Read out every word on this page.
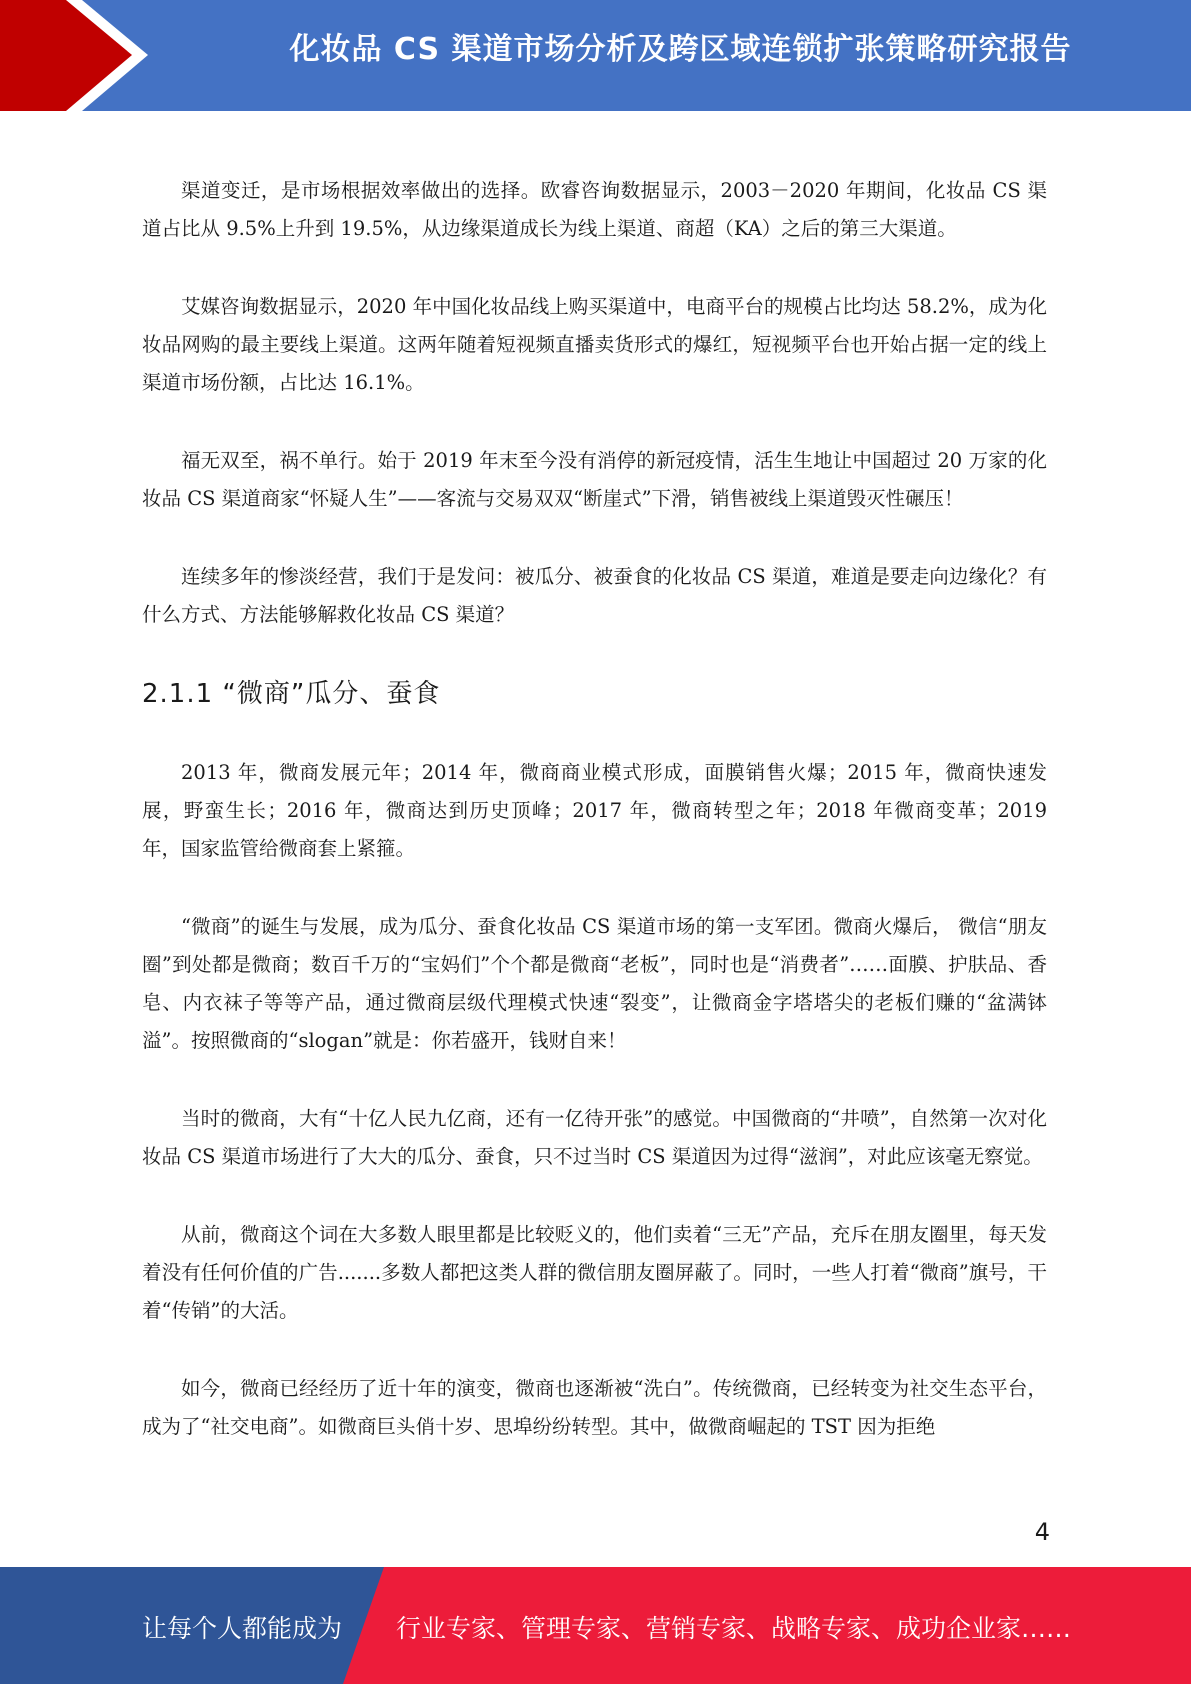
化妆品 CS 渠道市场分析及跨区域连锁扩张策略研究报告

渠道变迁，是市场根据效率做出的选择。欧睿咨询数据显示，2003－2020 年期间，化妆品 CS 渠道占比从 9.5%上升到 19.5%，从边缘渠道成长为线上渠道、商超（KA）之后的第三大渠道。

艾媒咨询数据显示，2020 年中国化妆品线上购买渠道中，电商平台的规模占比均达 58.2%，成为化妆品网购的最主要线上渠道。这两年随着短视频直播卖货形式的爆红，短视频平台也开始占据一定的线上渠道市场份额，占比达 16.1%。

福无双至，祸不单行。始于 2019 年末至今没有消停的新冠疫情，活生生地让中国超过 20 万家的化妆品 CS 渠道商家“怀疑人生”——客流与交易双双“断崖式”下滑，销售被线上渠道毁灭性碾压！

连续多年的惨淡经营，我们于是发问：被瓜分、被蚕食的化妆品 CS 渠道，难道是要走向边缘化？有什么方式、方法能够解救化妆品 CS 渠道？

2.1.1 “微商”瓜分、蚕食

2013 年，微商发展元年；2014 年，微商商业模式形成，面膜销售火爆；2015 年，微商快速发展，野蛮生长；2016 年，微商达到历史顶峰；2017 年，微商转型之年；2018 年微商变革；2019 年，国家监管给微商套上紧箍。

“微商”的诞生与发展，成为瓜分、蚕食化妆品 CS 渠道市场的第一支军团。微商火爆后， 微信“朋友圈”到处都是微商；数百千万的“宝妈们”个个都是微商“老板”，同时也是“消费者”……面膜、护肤品、香皂、内衣袜子等等产品，通过微商层级代理模式快速“裂变”，让微商金字塔塔尖的老板们赚的“盆满钵溢”。按照微商的“slogan”就是：你若盛开，钱财自来！

当时的微商，大有“十亿人民九亿商，还有一亿待开张”的感觉。中国微商的“井喷”，自然第一次对化妆品 CS 渠道市场进行了大大的瓜分、蚕食，只不过当时 CS 渠道因为过得“滋润”，对此应该毫无察觉。

从前，微商这个词在大多数人眼里都是比较贬义的，他们卖着“三无”产品，充斥在朋友圈里，每天发着没有任何价值的广告.......多数人都把这类人群的微信朋友圈屏蔽了。同时，一些人打着“微商”旗号，干着“传销”的大活。

如今，微商已经经历了近十年的演变，微商也逐渐被“洗白”。传统微商，已经转变为社交生态平台，成为了“社交电商”。如微商巨头俏十岁、思埠纷纷转型。其中，做微商崛起的 TST 因为拒绝

4
让每个人都能成为 行业专家、管理专家、营销专家、战略专家、成功企业家……
